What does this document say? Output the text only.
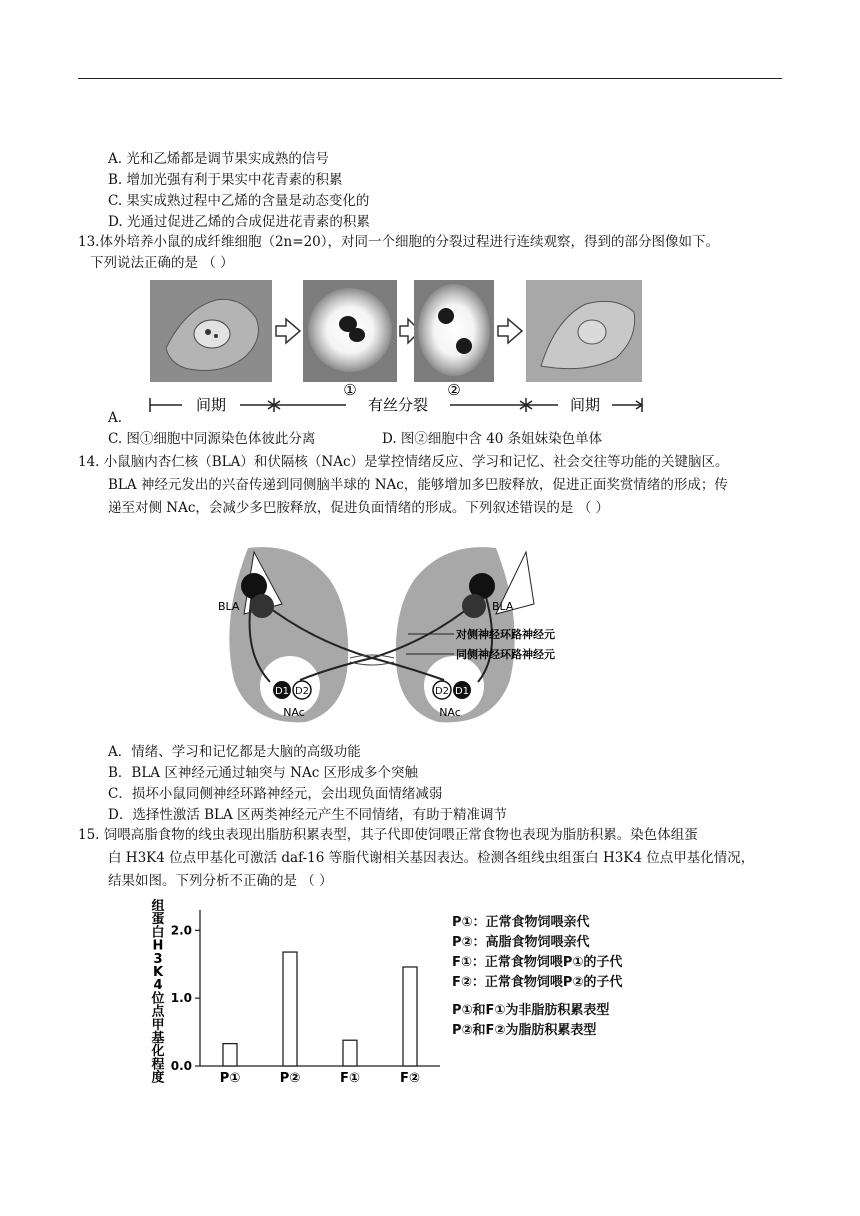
A. 光和乙烯都是调节果实成熟的信号
B. 增加光强有利于果实中花青素的积累
C. 果实成熟过程中乙烯的含量是动态变化的
D. 光通过促进乙烯的合成促进花青素的积累
13.体外培养小鼠的成纤维细胞（2n=20），对同一个细胞的分裂过程进行连续观察，得到的部分图像如下。
下列说法正确的是 （ ）
间期	有丝分裂	间期
①	②
A.
C. 图①细胞中同源染色体彼此分离	D. 图②细胞中含 40 条姐妹染色单体
14. 小鼠脑内杏仁核（BLA）和伏隔核（NAc）是掌控情绪反应、学习和记忆、社会交往等功能的关键脑区。
BLA 神经元发出的兴奋传递到同侧脑半球的 NAc，能够增加多巴胺释放，促进正面奖赏情绪的形成；传
递至对侧 NAc，会减少多巴胺释放，促进负面情绪的形成。下列叙述错误的是 （ ）
D1 D2	D2 D1
BLA	BLA
NAc	NAc
对侧神经环路神经元
同侧神经环路神经元
A．情绪、学习和记忆都是大脑的高级功能
B．BLA 区神经元通过轴突与 NAc 区形成多个突触
C．损坏小鼠同侧神经环路神经元，会出现负面情绪减弱
D．选择性激活 BLA 区两类神经元产生不同情绪，有助于精准调节
15. 饲喂高脂食物的线虫表现出脂肪积累表型，其子代即使饲喂正常食物也表现为脂肪积累。染色体组蛋
白 H3K4 位点甲基化可激活 daf-16 等脂代谢相关基因表达。检测各组线虫组蛋白 H3K4 位点甲基化情况，
结果如图。下列分析不正确的是 （ ）
0.0
1.0
2.0
P①	P②	F①	F②
组蛋白 H 3 K 4 位点甲基化程度
P①：正常食物饲喂亲代
P②：高脂食物饲喂亲代
F①：正常食物饲喂P①的子代
F②：正常食物饲喂P②的子代
P①和F①为非脂肪积累表型
P②和F②为脂肪积累表型
